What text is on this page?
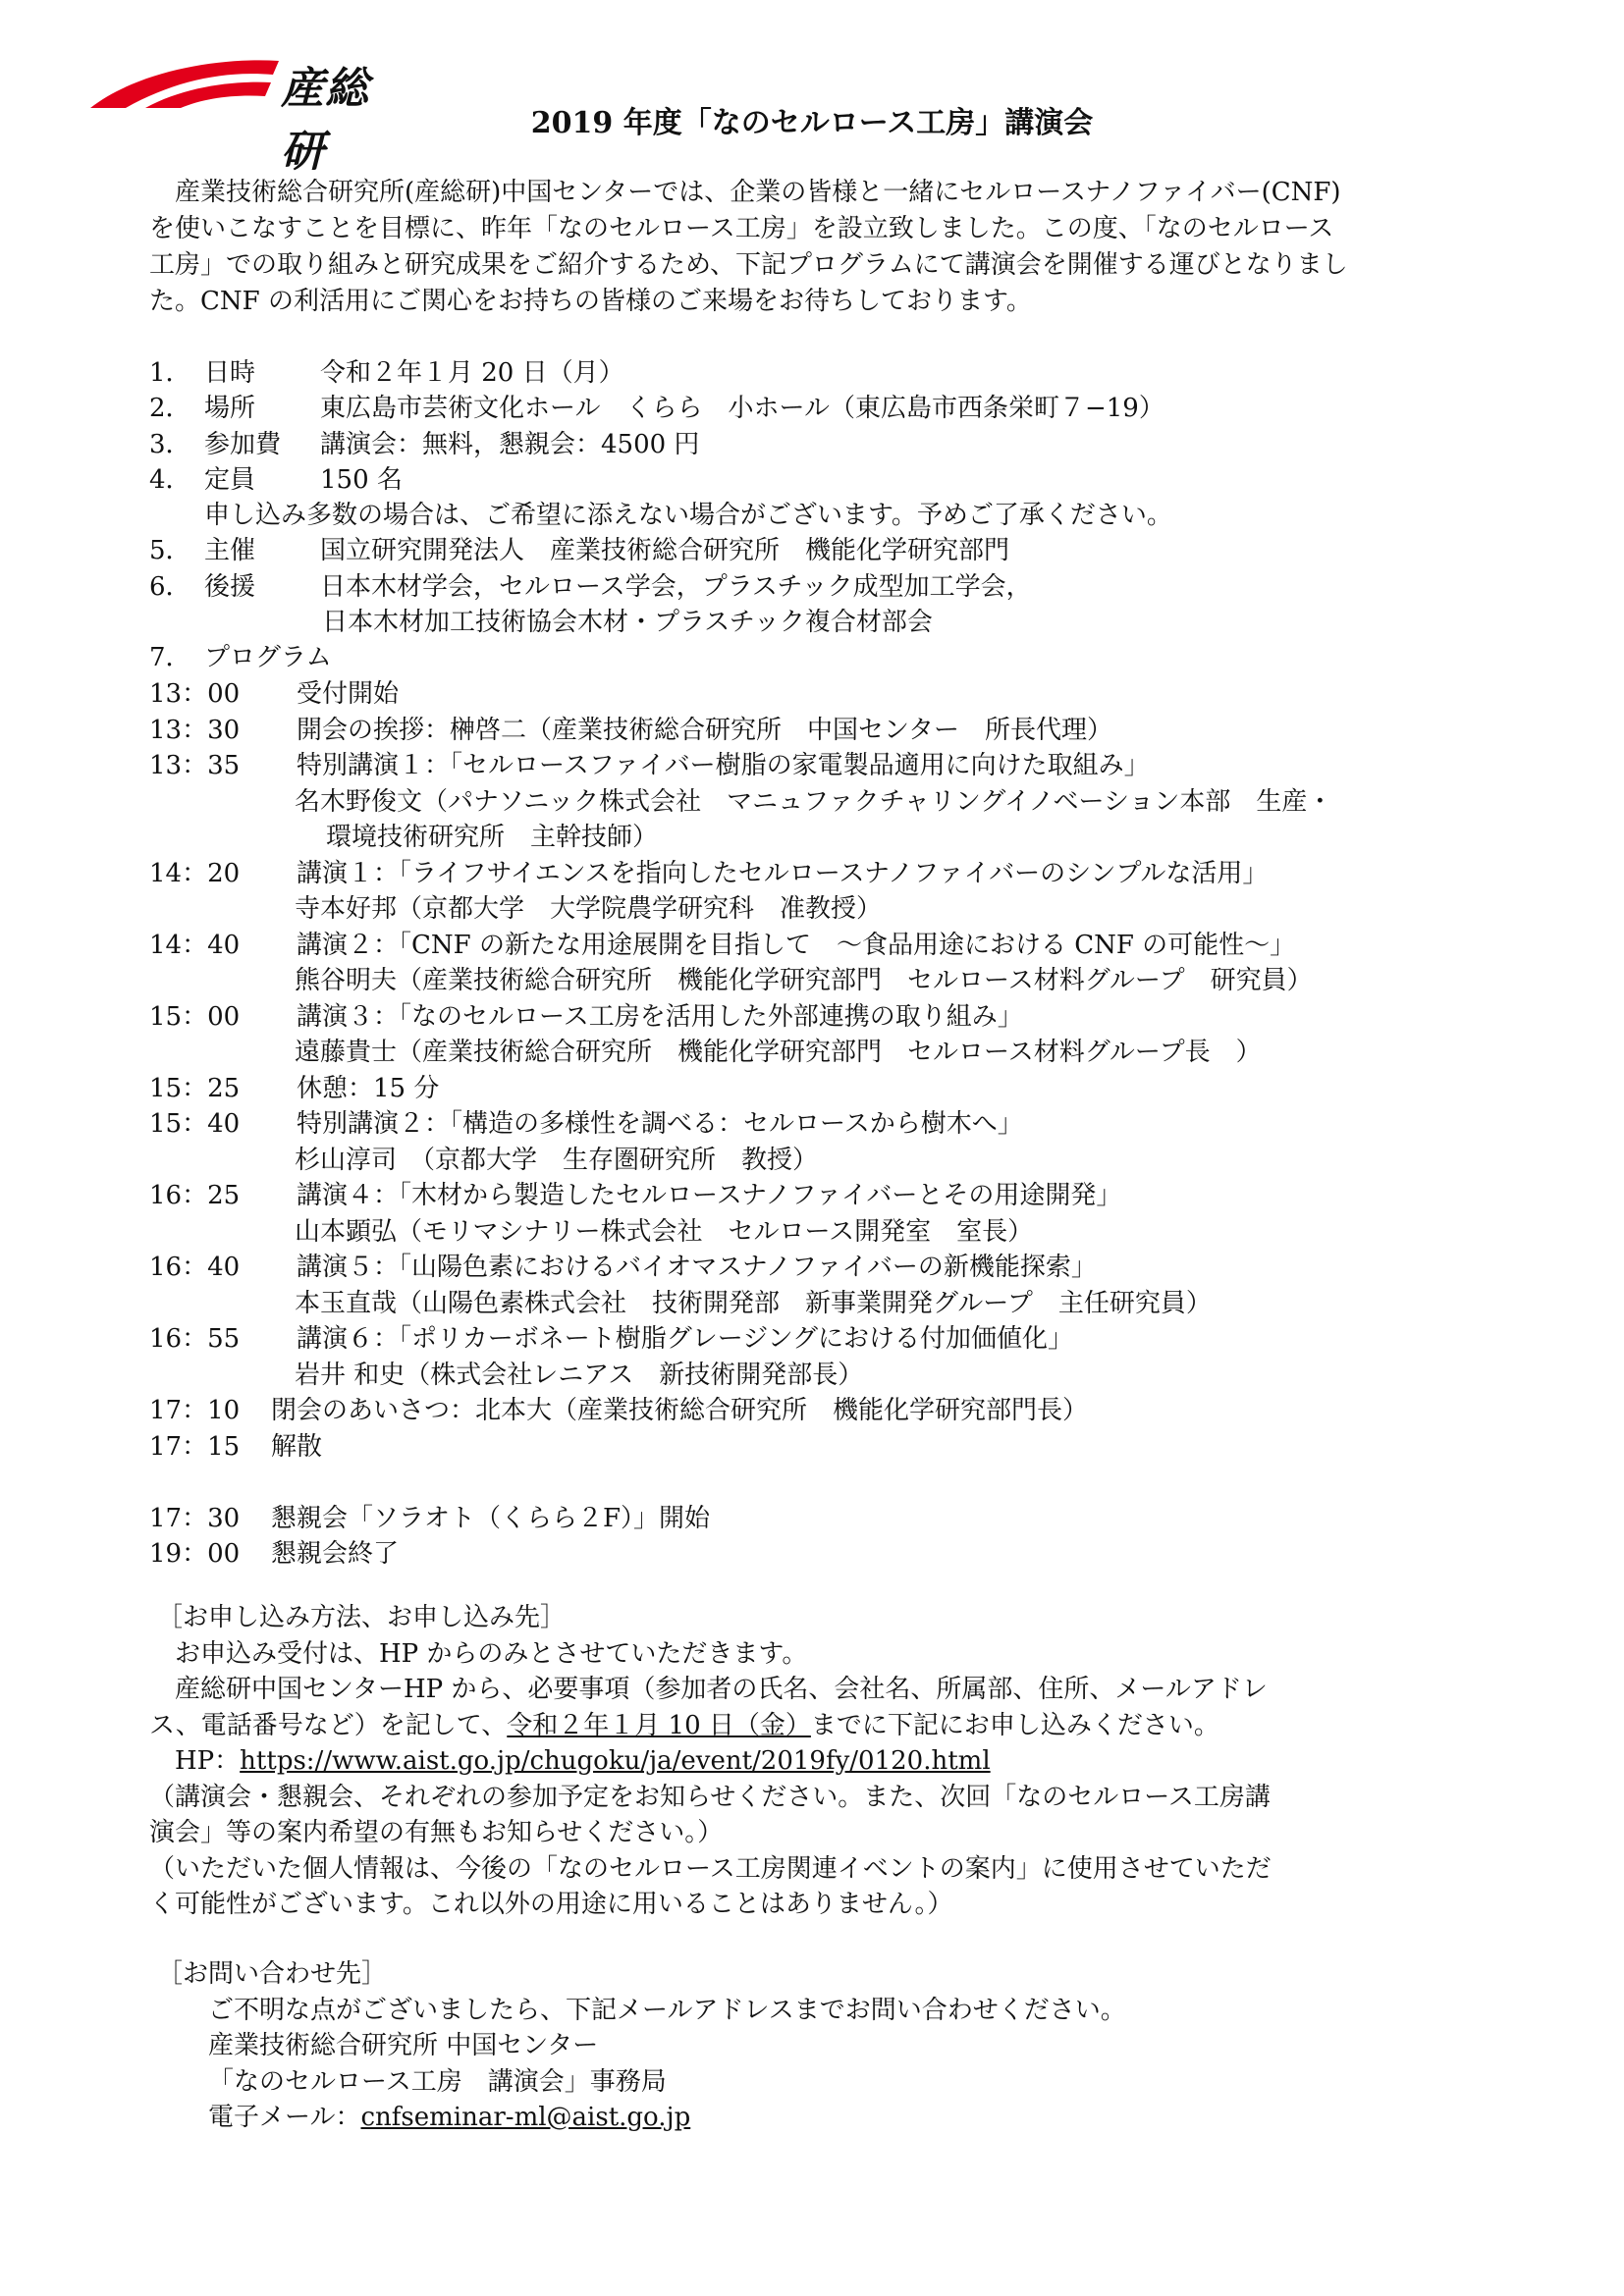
産総研
2019 年度「なのセルロース工房」講演会

産業技術総合研究所(産総研)中国センターでは、企業の皆様と一緒にセルロースナノファイバー(CNF)

を使いこなすことを目標に、昨年「なのセルロース工房」を設立致しました。この度、「なのセルロース

工房」での取り組みと研究成果をご紹介するため、下記プログラムにて講演会を開催する運びとなりまし

た。CNF の利活用にご関心をお持ちの皆様のご来場をお待ちしております。

1． 日時	令和２年１月 20 日（月）
2． 場所	東広島市芸術文化ホール　くらら　小ホール（東広島市西条栄町７−19）
3． 参加費 講演会：無料，懇親会：4500 円
4． 定員	150 名
申し込み多数の場合は、ご希望に添えない場合がございます。予めご了承ください。
5． 主催	国立研究開発法人　産業技術総合研究所　機能化学研究部門
6． 後援	日本木材学会，セルロース学会，プラスチック成型加工学会，
日本木材加工技術協会木材・プラスチック複合材部会
7． プログラム
13：00 受付開始
13：30 開会の挨拶：榊啓二（産業技術総合研究所　中国センター　所長代理）
13：35 特別講演１：「セルロースファイバー樹脂の家電製品適用に向けた取組み」
名木野俊文（パナソニック株式会社　マニュファクチャリングイノベーション本部　生産・
環境技術研究所　主幹技師）
14：20 講演１：「ライフサイエンスを指向したセルロースナノファイバーのシンプルな活用」
寺本好邦（京都大学　大学院農学研究科　准教授）
14：40 講演２：「CNF の新たな用途展開を目指して　〜食品用途における CNF の可能性〜」
熊谷明夫（産業技術総合研究所　機能化学研究部門　セルロース材料グループ　研究員）
15：00 講演３：「なのセルロース工房を活用した外部連携の取り組み」
遠藤貴士（産業技術総合研究所　機能化学研究部門　セルロース材料グループ長　）
15：25 休憩：15 分
15：40 特別講演２：「構造の多様性を調べる：セルロースから樹木へ」
杉山淳司　（京都大学　生存圏研究所　教授）
16：25 講演４：「木材から製造したセルロースナノファイバーとその用途開発」
山本顕弘（モリマシナリー株式会社　セルロース開発室　室長）
16：40 講演５：「山陽色素におけるバイオマスナノファイバーの新機能探索」
本玉直哉（山陽色素株式会社　技術開発部　新事業開発グループ　主任研究員）
16：55 講演６：「ポリカーボネート樹脂グレージングにおける付加価値化」
岩井 和史（株式会社レニアス　新技術開発部長）
17：10 閉会のあいさつ：北本大（産業技術総合研究所　機能化学研究部門長）
17：15 解散
17：30 懇親会「ソラオト（くらら２F）」開始
19：00 懇親会終了
［お申し込み方法、お申し込み先］
お申込み受付は、HP からのみとさせていただきます。
産総研中国センターHP から、必要事項（参加者の氏名、会社名、所属部、住所、メールアドレ
ス、電話番号など）を記して、令和２年１月 10 日（金）までに下記にお申し込みください。
HP：https://www.aist.go.jp/chugoku/ja/event/2019fy/0120.html
（講演会・懇親会、それぞれの参加予定をお知らせください。また、次回「なのセルロース工房講
演会」等の案内希望の有無もお知らせください。）
（いただいた個人情報は、今後の「なのセルロース工房関連イベントの案内」に使用させていただ
く可能性がございます。これ以外の用途に用いることはありません。）
［お問い合わせ先］
ご不明な点がございましたら、下記メールアドレスまでお問い合わせください。
産業技術総合研究所 中国センター
「なのセルロース工房　講演会」事務局
電子メール：cnfseminar-ml@aist.go.jp
